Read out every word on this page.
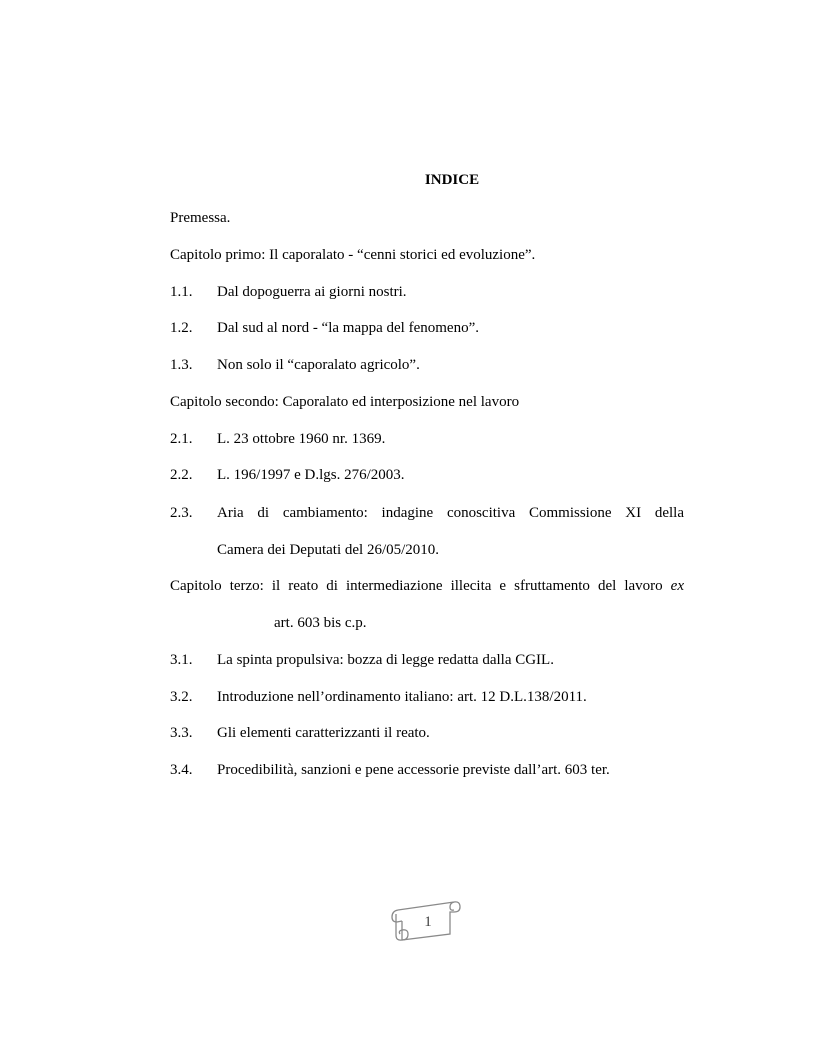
INDICE
Premessa.
Capitolo primo: Il caporalato - “cenni storici ed evoluzione”.
1.1. Dal dopoguerra ai giorni nostri.
1.2. Dal sud al nord - “la mappa del fenomeno”.
1.3. Non solo il “caporalato agricolo”.
Capitolo secondo: Caporalato ed interposizione nel lavoro
2.1. L. 23 ottobre 1960 nr. 1369.
2.2. L. 196/1997 e D.lgs. 276/2003.
2.3. Aria di cambiamento: indagine conoscitiva Commissione XI della
Camera dei Deputati del 26/05/2010.
Capitolo terzo: il reato di intermediazione illecita e sfruttamento del lavoro ex
art. 603 bis c.p.
3.1. La spinta propulsiva: bozza di legge redatta dalla CGIL.
3.2. Introduzione nell’ordinamento italiano: art. 12 D.L.138/2011.
3.3. Gli elementi caratterizzanti il reato.
3.4. Procedibilità, sanzioni e pene accessorie previste dall’art. 603 ter.
1
